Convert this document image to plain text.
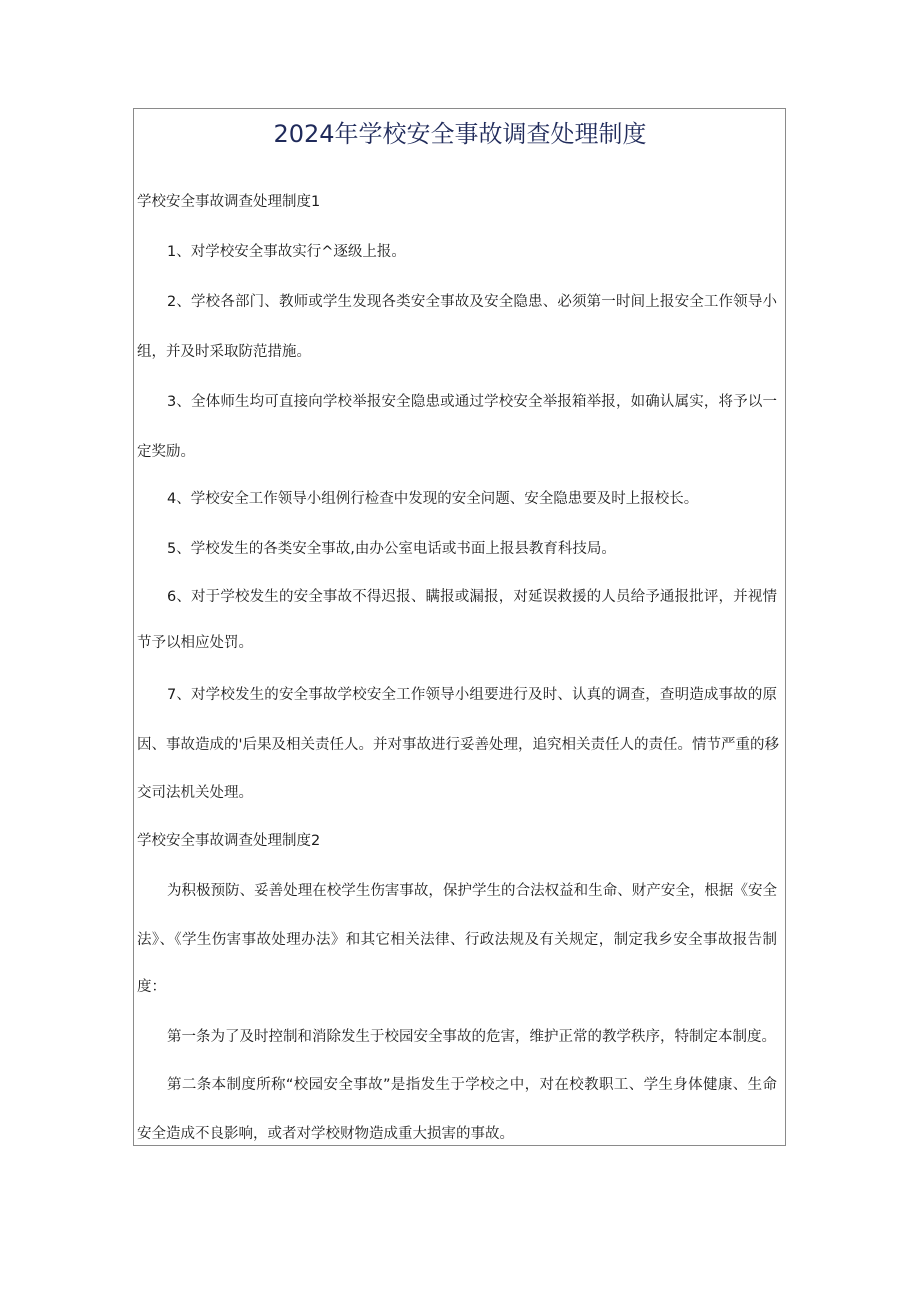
2024年学校安全事故调查处理制度
学校安全事故调查处理制度1
1、对学校安全事故实行^逐级上报。
2、学校各部门、教师或学生发现各类安全事故及安全隐患、必须第一时间上报安全工作领导小
组，并及时采取防范措施。
3、全体师生均可直接向学校举报安全隐患或通过学校安全举报箱举报，如确认属实，将予以一
定奖励。
4、学校安全工作领导小组例行检查中发现的安全问题、安全隐患要及时上报校长。
5、学校发生的各类安全事故,由办公室电话或书面上报县教育科技局。
6、对于学校发生的安全事故不得迟报、瞒报或漏报，对延误救援的人员给予通报批评，并视情
节予以相应处罚。
7、对学校发生的安全事故学校安全工作领导小组要进行及时、认真的调查，查明造成事故的原
因、事故造成的'后果及相关责任人。并对事故进行妥善处理，追究相关责任人的责任。情节严重的移
交司法机关处理。
学校安全事故调查处理制度2
为积极预防、妥善处理在校学生伤害事故，保护学生的合法权益和生命、财产安全，根据《安全
法》、《学生伤害事故处理办法》和其它相关法律、行政法规及有关规定，制定我乡安全事故报告制
度：
第一条为了及时控制和消除发生于校园安全事故的危害，维护正常的教学秩序，特制定本制度。
第二条本制度所称“校园安全事故”是指发生于学校之中，对在校教职工、学生身体健康、生命
安全造成不良影响，或者对学校财物造成重大损害的事故。
